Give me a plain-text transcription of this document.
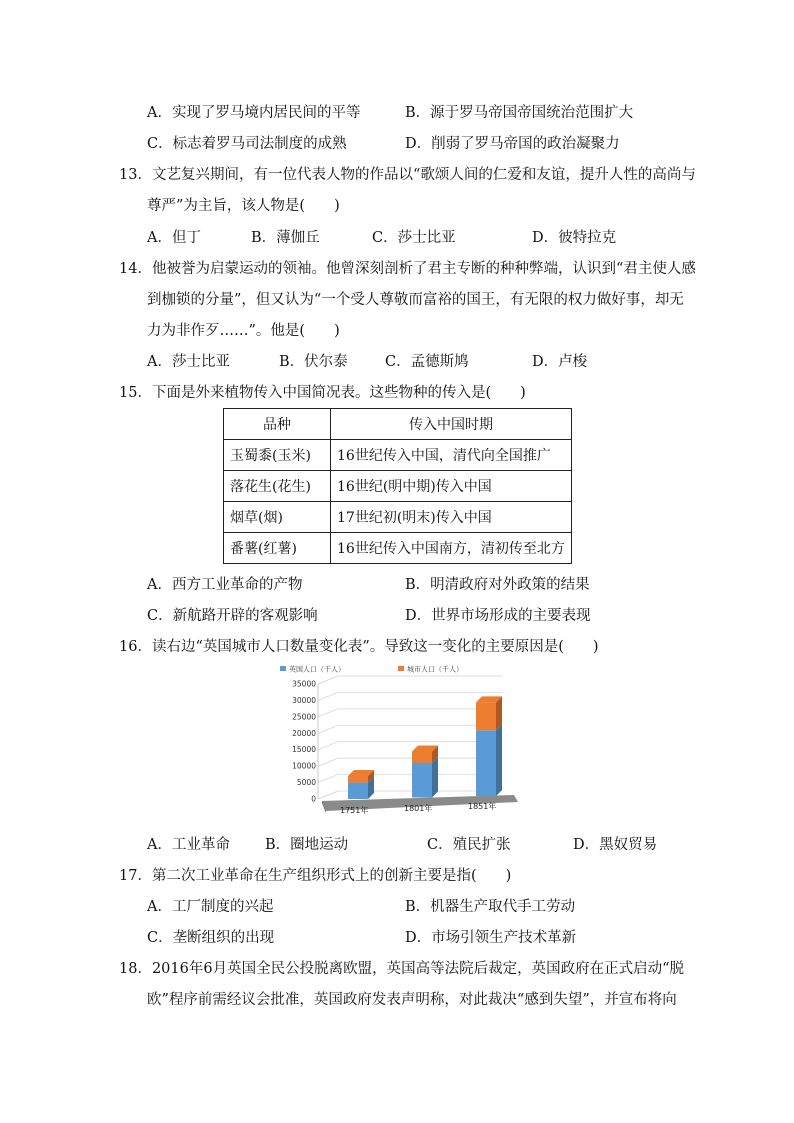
A．实现了罗马境内居民间的平等	B．源于罗马帝国帝国统治范围扩大
C．标志着罗马司法制度的成熟	D．削弱了罗马帝国的政治凝聚力
13．文艺复兴期间，有一位代表人物的作品以“歌颂人间的仁爱和友谊，提升人性的高尚与
尊严”为主旨，该人物是(　　)
A．但丁	B．薄伽丘	C．莎士比亚	D．彼特拉克
14．他被誉为启蒙运动的领袖。他曾深刻剖析了君主专断的种种弊端，认识到“君主使人感
到枷锁的分量”，但又认为“一个受人尊敬而富裕的国王，有无限的权力做好事，却无
力为非作歹……”。他是(　　)
A．莎士比亚	B．伏尔泰	C．孟德斯鸠	D．卢梭
15．下面是外来植物传入中国简况表。这些物种的传入是(　　)
品种	传入中国时期
玉蜀黍(玉米)	16世纪传入中国，清代向全国推广
落花生(花生)	16世纪(明中期)传入中国
烟草(烟)	17世纪初(明末)传入中国
番薯(红薯)	16世纪传入中国南方，清初传至北方
A．西方工业革命的产物	B．明清政府对外政策的结果
C．新航路开辟的客观影响	D．世界市场形成的主要表现
16．读右边“英国城市人口数量变化表”。导致这一变化的主要原因是(　　)
英国人口（千人）	城市人口（千人）
35000
30000
25000
20000
15000
10000
5000
0
1751年	1801年	1851年
A．工业革命 B．圈地运动	C．殖民扩张	D．黑奴贸易
17．第二次工业革命在生产组织形式上的创新主要是指(　　)
A．工厂制度的兴起	B．机器生产取代手工劳动
C．垄断组织的出现	D．市场引领生产技术革新
18．2016年6月英国全民公投脱离欧盟，英国高等法院后裁定，英国政府在正式启动“脱
欧”程序前需经议会批准，英国政府发表声明称，对此裁决“感到失望”，并宣布将向
